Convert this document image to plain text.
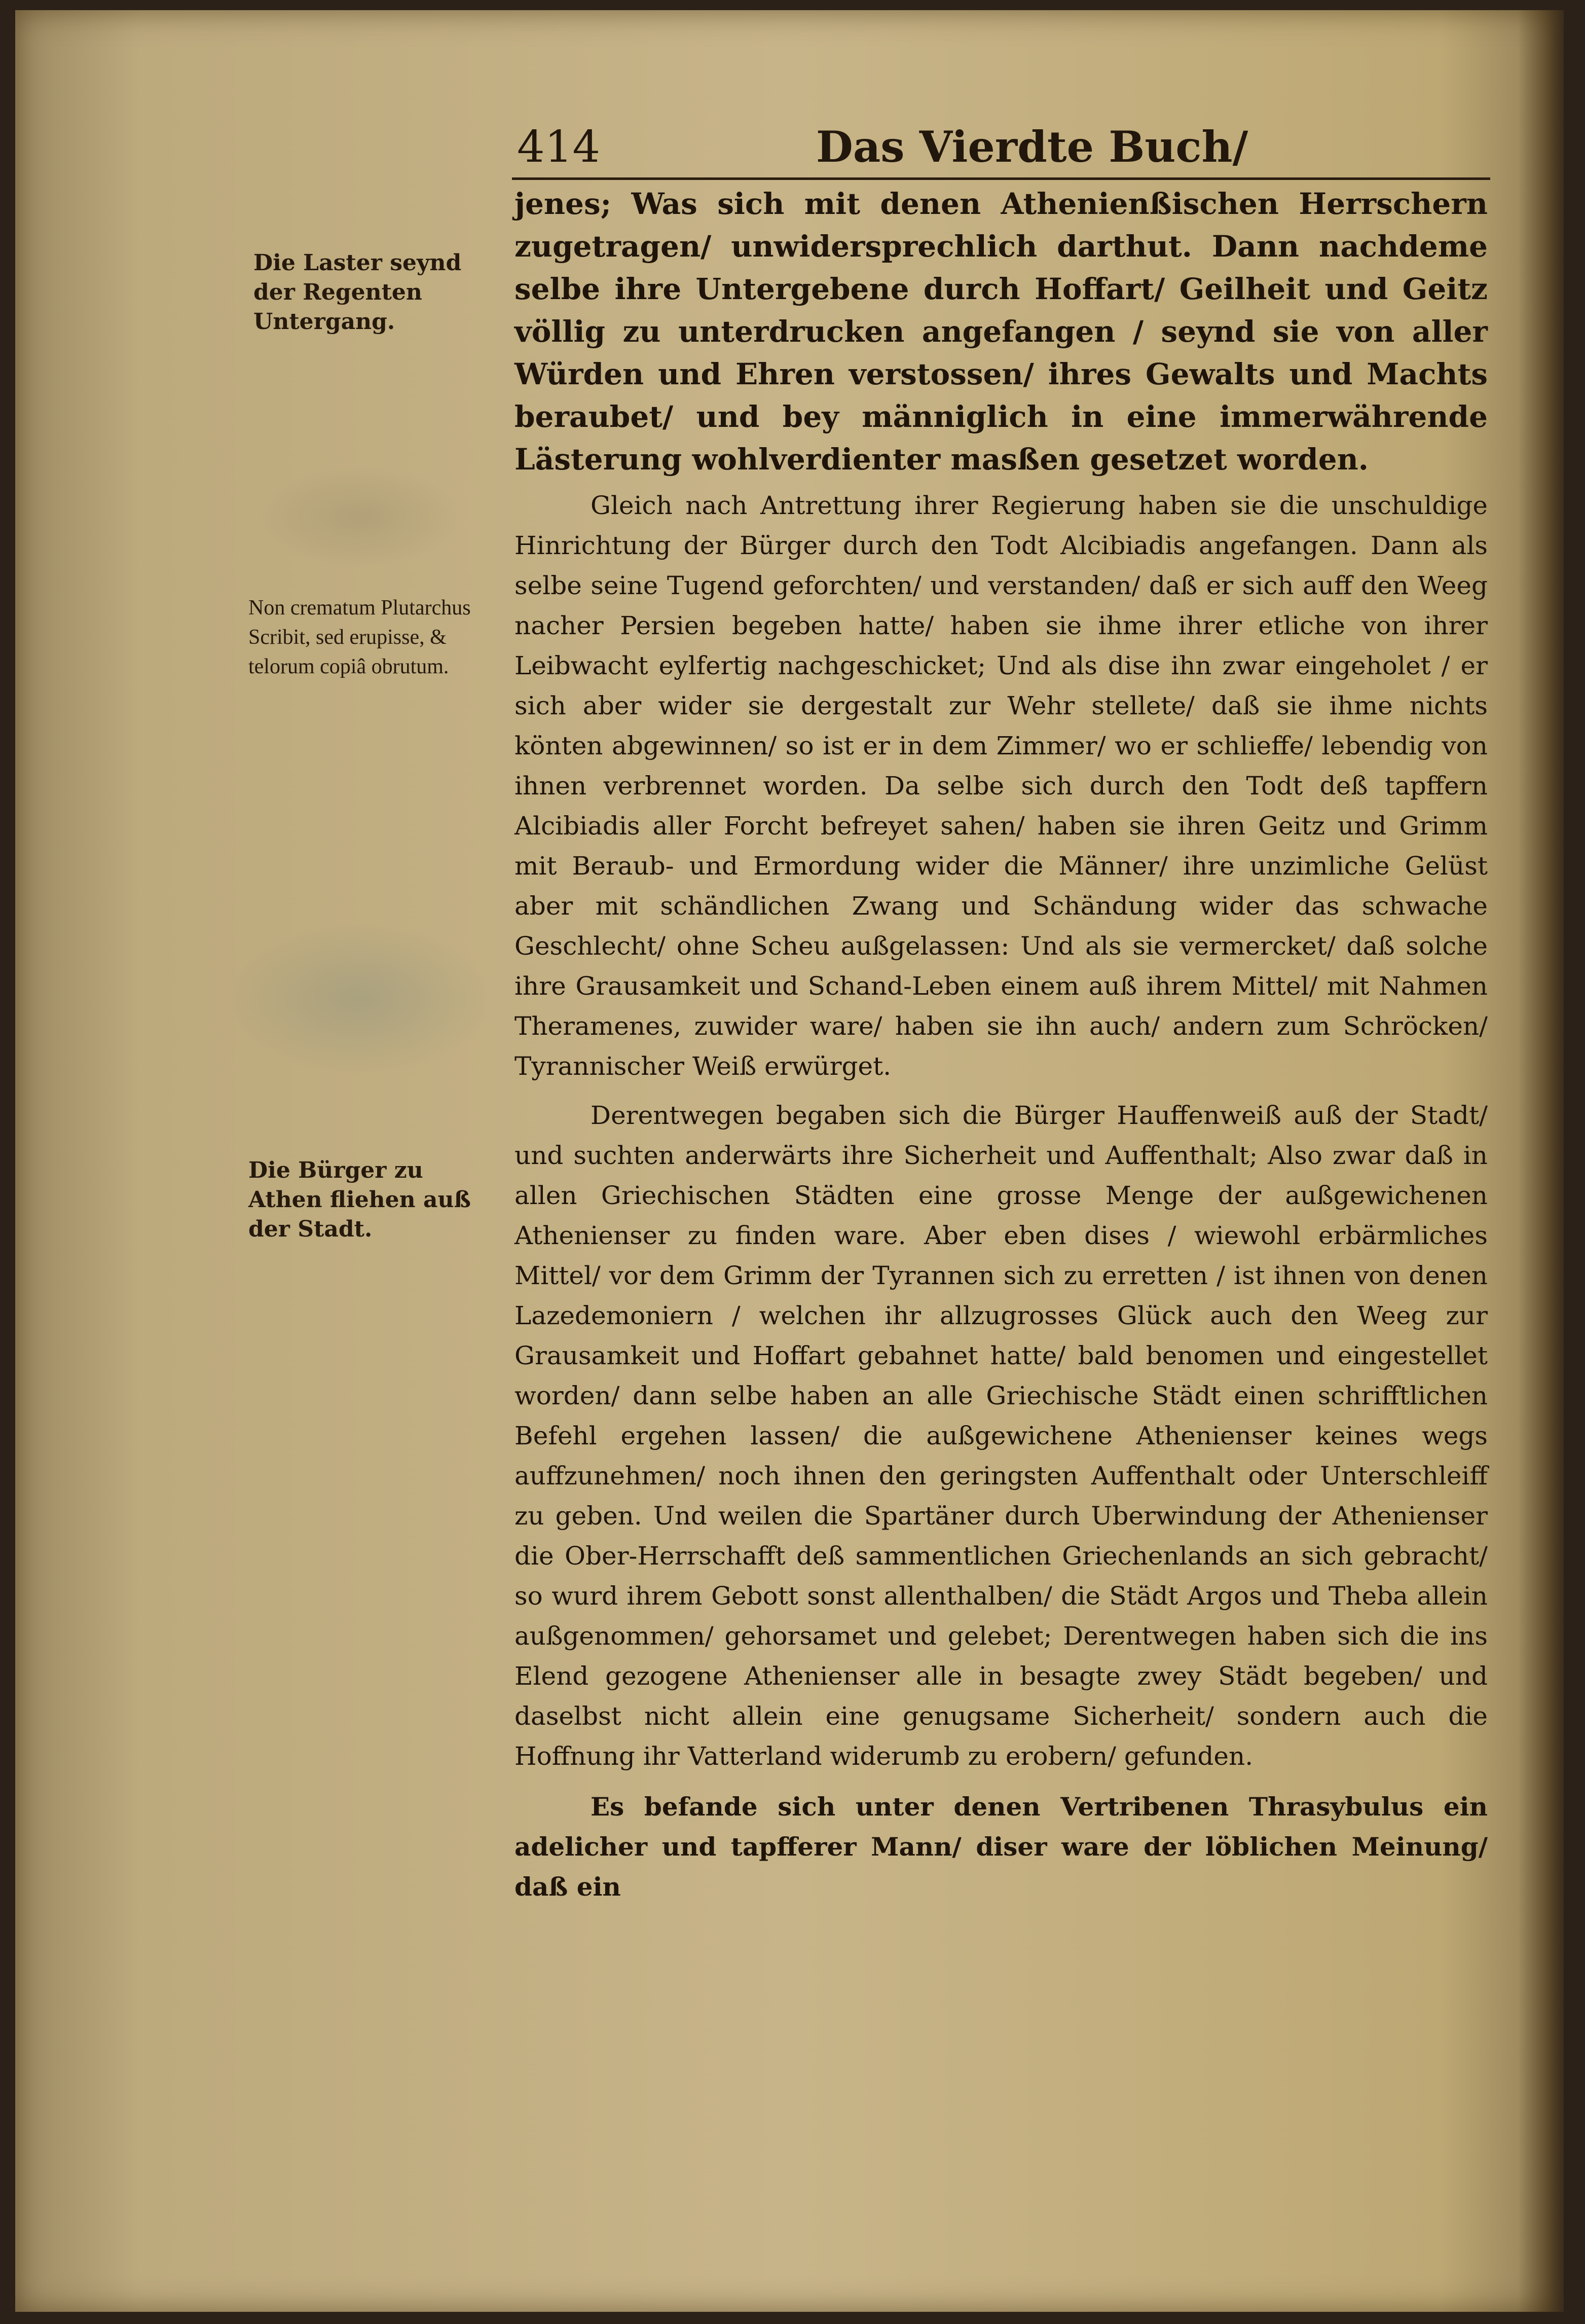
414	Das Vierdte Buch/
Die Laster seynd der Regenten Untergang.
Non crematum Plutarchus Scribit, sed erupisse, & telorum copiâ obrutum.
Die Bürger zu Athen fliehen auß der Stadt.

jenes; Was sich mit denen Athenienßischen Herrschern zugetragen/ unwidersprechlich darthut. Dann nachdeme selbe ihre Untergebene durch Hoffart/ Geilheit und Geitz völlig zu unterdrucken angefangen / seynd sie von aller Würden und Ehren verstossen/ ihres Gewalts und Machts beraubet/ und bey männiglich in eine immerwährende Lästerung wohlverdienter masßen gesetzet worden.

Gleich nach Antrettung ihrer Regierung haben sie die unschuldige Hinrichtung der Bürger durch den Todt Alcibiadis angefangen. Dann als selbe seine Tugend geforchten/ und verstanden/ daß er sich auff den Weeg nacher Persien begeben hatte/ haben sie ihme ihrer etliche von ihrer Leibwacht eylfertig nachgeschicket; Und als dise ihn zwar eingeholet / er sich aber wider sie dergestalt zur Wehr stellete/ daß sie ihme nichts könten abgewinnen/ so ist er in dem Zimmer/ wo er schlieffe/ lebendig von ihnen verbrennet worden. Da selbe sich durch den Todt deß tapffern Alcibiadis aller Forcht befreyet sahen/ haben sie ihren Geitz und Grimm mit Beraub- und Ermordung wider die Männer/ ihre unzimliche Gelüst aber mit schändlichen Zwang und Schändung wider das schwache Geschlecht/ ohne Scheu außgelassen: Und als sie vermercket/ daß solche ihre Grausamkeit und Schand-Leben einem auß ihrem Mittel/ mit Nahmen Theramenes, zuwider ware/ haben sie ihn auch/ andern zum Schröcken/ Tyrannischer Weiß erwürget.

Derentwegen begaben sich die Bürger Hauffenweiß auß der Stadt/ und suchten anderwärts ihre Sicherheit und Auffenthalt; Also zwar daß in allen Griechischen Städten eine grosse Menge der außgewichenen Athenienser zu finden ware. Aber eben dises / wiewohl erbärmliches Mittel/ vor dem Grimm der Tyrannen sich zu erretten / ist ihnen von denen Lazedemoniern / welchen ihr allzugrosses Glück auch den Weeg zur Grausamkeit und Hoffart gebahnet hatte/ bald benomen und eingestellet worden/ dann selbe haben an alle Griechische Städt einen schrifftlichen Befehl ergehen lassen/ die außgewichene Athenienser keines wegs auffzunehmen/ noch ihnen den geringsten Auffenthalt oder Unterschleiff zu geben. Und weilen die Spartäner durch Uberwindung der Athenienser die Ober-Herrschafft deß sammentlichen Griechenlands an sich gebracht/ so wurd ihrem Gebott sonst allenthalben/ die Städt Argos und Theba allein außgenommen/ gehorsamet und gelebet; Derentwegen haben sich die ins Elend gezogene Athenienser alle in besagte zwey Städt begeben/ und daselbst nicht allein eine genugsame Sicherheit/ sondern auch die Hoffnung ihr Vatterland widerumb zu erobern/ gefunden.

Es befande sich unter denen Vertribenen Thrasybulus ein adelicher und tapfferer Mann/ diser ware der löblichen Meinung/ daß ein
